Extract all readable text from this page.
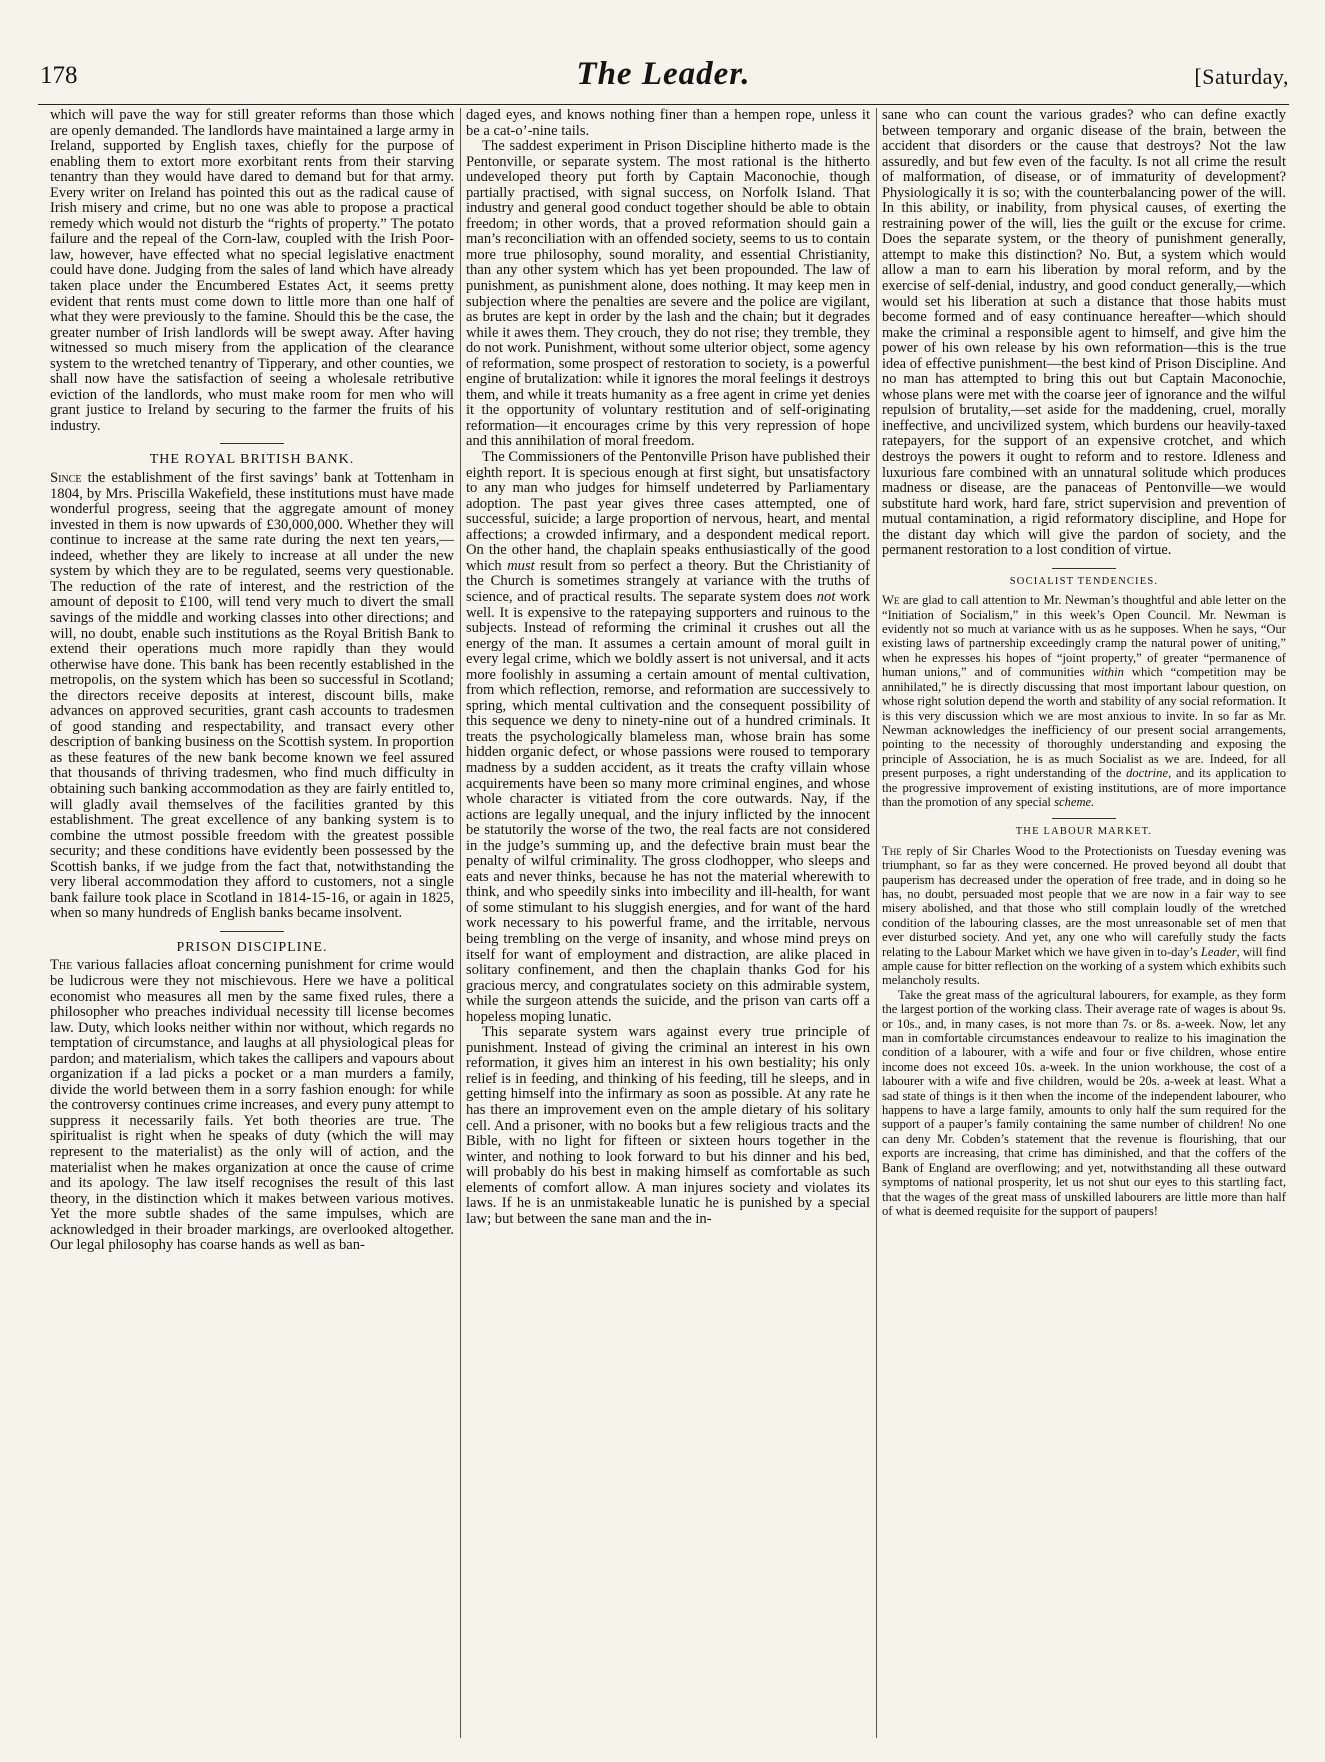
178	The Leader.	[Saturday,

which will pave the way for still greater reforms than those which are openly demanded. The landlords have maintained a large army in Ireland, supported by English taxes, chiefly for the purpose of enabling them to extort more exorbitant rents from their starving tenantry than they would have dared to demand but for that army. Every writer on Ireland has pointed this out as the radical cause of Irish misery and crime, but no one was able to propose a practical remedy which would not disturb the “rights of property.” The potato failure and the repeal of the Corn-law, coupled with the Irish Poor-law, however, have effected what no special legislative enactment could have done. Judging from the sales of land which have already taken place under the Encumbered Estates Act, it seems pretty evident that rents must come down to little more than one half of what they were previously to the famine. Should this be the case, the greater number of Irish landlords will be swept away. After having witnessed so much misery from the application of the clearance system to the wretched tenantry of Tipperary, and other counties, we shall now have the satisfaction of seeing a wholesale retributive eviction of the landlords, who must make room for men who will grant justice to Ireland by securing to the farmer the fruits of his industry.

THE ROYAL BRITISH BANK.

Since the establishment of the first savings’ bank at Tottenham in 1804, by Mrs. Priscilla Wakefield, these institutions must have made wonderful progress, seeing that the aggregate amount of money invested in them is now upwards of £30,000,000. Whether they will continue to increase at the same rate during the next ten years,—indeed, whether they are likely to increase at all under the new system by which they are to be regulated, seems very questionable. The reduction of the rate of interest, and the restriction of the amount of deposit to £100, will tend very much to divert the small savings of the middle and working classes into other directions; and will, no doubt, enable such institutions as the Royal British Bank to extend their operations much more rapidly than they would otherwise have done. This bank has been recently established in the metropolis, on the system which has been so successful in Scotland; the directors receive deposits at interest, discount bills, make advances on approved securities, grant cash accounts to tradesmen of good standing and respectability, and transact every other description of banking business on the Scottish system. In proportion as these features of the new bank become known we feel assured that thousands of thriving tradesmen, who find much difficulty in obtaining such banking accommodation as they are fairly entitled to, will gladly avail themselves of the facilities granted by this establishment. The great excellence of any banking system is to combine the utmost possible freedom with the greatest possible security; and these conditions have evidently been possessed by the Scottish banks, if we judge from the fact that, notwithstanding the very liberal accommodation they afford to customers, not a single bank failure took place in Scotland in 1814-15-16, or again in 1825, when so many hundreds of English banks became insolvent.

PRISON DISCIPLINE.

The various fallacies afloat concerning punishment for crime would be ludicrous were they not mischievous. Here we have a political economist who measures all men by the same fixed rules, there a philosopher who preaches individual necessity till license becomes law. Duty, which looks neither within nor without, which regards no temptation of circumstance, and laughs at all physiological pleas for pardon; and materialism, which takes the callipers and vapours about organization if a lad picks a pocket or a man murders a family, divide the world between them in a sorry fashion enough: for while the controversy continues crime increases, and every puny attempt to suppress it necessarily fails. Yet both theories are true. The spiritualist is right when he speaks of duty (which the will may represent to the materialist) as the only will of action, and the materialist when he makes organization at once the cause of crime and its apology. The law itself recognises the result of this last theory, in the distinction which it makes between various motives. Yet the more subtle shades of the same impulses, which are acknowledged in their broader markings, are overlooked altogether. Our legal philosophy has coarse hands as well as ban-

daged eyes, and knows nothing finer than a hempen rope, unless it be a cat-o’-nine tails.

The saddest experiment in Prison Discipline hitherto made is the Pentonville, or separate system. The most rational is the hitherto undeveloped theory put forth by Captain Maconochie, though partially practised, with signal success, on Norfolk Island. That industry and general good conduct together should be able to obtain freedom; in other words, that a proved reformation should gain a man’s reconciliation with an offended society, seems to us to contain more true philosophy, sound morality, and essential Christianity, than any other system which has yet been propounded. The law of punishment, as punishment alone, does nothing. It may keep men in subjection where the penalties are severe and the police are vigilant, as brutes are kept in order by the lash and the chain; but it degrades while it awes them. They crouch, they do not rise; they tremble, they do not work. Punishment, without some ulterior object, some agency of reformation, some prospect of restoration to society, is a powerful engine of brutalization: while it ignores the moral feelings it destroys them, and while it treats humanity as a free agent in crime yet denies it the opportunity of voluntary restitution and of self-originating reformation—it encourages crime by this very repression of hope and this annihilation of moral freedom.

The Commissioners of the Pentonville Prison have published their eighth report. It is specious enough at first sight, but unsatisfactory to any man who judges for himself undeterred by Parliamentary adoption. The past year gives three cases attempted, one of successful, suicide; a large proportion of nervous, heart, and mental affections; a crowded infirmary, and a despondent medical report. On the other hand, the chaplain speaks enthusiastically of the good which must result from so perfect a theory. But the Christianity of the Church is sometimes strangely at variance with the truths of science, and of practical results. The separate system does not work well. It is expensive to the ratepaying supporters and ruinous to the subjects. Instead of reforming the criminal it crushes out all the energy of the man. It assumes a certain amount of moral guilt in every legal crime, which we boldly assert is not universal, and it acts more foolishly in assuming a certain amount of mental cultivation, from which reflection, remorse, and reformation are successively to spring, which mental cultivation and the consequent possibility of this sequence we deny to ninety-nine out of a hundred criminals. It treats the psychologically blameless man, whose brain has some hidden organic defect, or whose passions were roused to temporary madness by a sudden accident, as it treats the crafty villain whose acquirements have been so many more criminal engines, and whose whole character is vitiated from the core outwards. Nay, if the actions are legally unequal, and the injury inflicted by the innocent be statutorily the worse of the two, the real facts are not considered in the judge’s summing up, and the defective brain must bear the penalty of wilful criminality. The gross clodhopper, who sleeps and eats and never thinks, because he has not the material wherewith to think, and who speedily sinks into imbecility and ill-health, for want of some stimulant to his sluggish energies, and for want of the hard work necessary to his powerful frame, and the irritable, nervous being trembling on the verge of insanity, and whose mind preys on itself for want of employment and distraction, are alike placed in solitary confinement, and then the chaplain thanks God for his gracious mercy, and congratulates society on this admirable system, while the surgeon attends the suicide, and the prison van carts off a hopeless moping lunatic.

This separate system wars against every true principle of punishment. Instead of giving the criminal an interest in his own reformation, it gives him an interest in his own bestiality; his only relief is in feeding, and thinking of his feeding, till he sleeps, and in getting himself into the infirmary as soon as possible. At any rate he has there an improvement even on the ample dietary of his solitary cell. And a prisoner, with no books but a few religious tracts and the Bible, with no light for fifteen or sixteen hours together in the winter, and nothing to look forward to but his dinner and his bed, will probably do his best in making himself as comfortable as such elements of comfort allow. A man injures society and violates its laws. If he is an unmistakeable lunatic he is punished by a special law; but between the sane man and the in-

sane who can count the various grades? who can define exactly between temporary and organic disease of the brain, between the accident that disorders or the cause that destroys? Not the law assuredly, and but few even of the faculty. Is not all crime the result of malformation, of disease, or of immaturity of development? Physiologically it is so; with the counterbalancing power of the will. In this ability, or inability, from physical causes, of exerting the restraining power of the will, lies the guilt or the excuse for crime. Does the separate system, or the theory of punishment generally, attempt to make this distinction? No. But, a system which would allow a man to earn his liberation by moral reform, and by the exercise of self-denial, industry, and good conduct generally,—which would set his liberation at such a distance that those habits must become formed and of easy continuance hereafter—which should make the criminal a responsible agent to himself, and give him the power of his own release by his own reformation—this is the true idea of effective punishment—the best kind of Prison Discipline. And no man has attempted to bring this out but Captain Maconochie, whose plans were met with the coarse jeer of ignorance and the wilful repulsion of brutality,—set aside for the maddening, cruel, morally ineffective, and uncivilized system, which burdens our heavily-taxed ratepayers, for the support of an expensive crotchet, and which destroys the powers it ought to reform and to restore. Idleness and luxurious fare combined with an unnatural solitude which produces madness or disease, are the panaceas of Pentonville—we would substitute hard work, hard fare, strict supervision and prevention of mutual contamination, a rigid reformatory discipline, and Hope for the distant day which will give the pardon of society, and the permanent restoration to a lost condition of virtue.

SOCIALIST TENDENCIES.

We are glad to call attention to Mr. Newman’s thoughtful and able letter on the “Initiation of Socialism,” in this week’s Open Council. Mr. Newman is evidently not so much at variance with us as he supposes. When he says, “Our existing laws of partnership exceedingly cramp the natural power of uniting,” when he expresses his hopes of “joint property,” of greater “permanence of human unions,” and of communities within which “competition may be annihilated,” he is directly discussing that most important labour question, on whose right solution depend the worth and stability of any social reformation. It is this very discussion which we are most anxious to invite. In so far as Mr. Newman acknowledges the inefficiency of our present social arrangements, pointing to the necessity of thoroughly understanding and exposing the principle of Association, he is as much Socialist as we are. Indeed, for all present purposes, a right understanding of the doctrine, and its application to the progressive improvement of existing institutions, are of more importance than the promotion of any special scheme.

THE LABOUR MARKET.

The reply of Sir Charles Wood to the Protectionists on Tuesday evening was triumphant, so far as they were concerned. He proved beyond all doubt that pauperism has decreased under the operation of free trade, and in doing so he has, no doubt, persuaded most people that we are now in a fair way to see misery abolished, and that those who still complain loudly of the wretched condition of the labouring classes, are the most unreasonable set of men that ever disturbed society. And yet, any one who will carefully study the facts relating to the Labour Market which we have given in to-day’s Leader, will find ample cause for bitter reflection on the working of a system which exhibits such melancholy results.

Take the great mass of the agricultural labourers, for example, as they form the largest portion of the working class. Their average rate of wages is about 9s. or 10s., and, in many cases, is not more than 7s. or 8s. a-week. Now, let any man in comfortable circumstances endeavour to realize to his imagination the condition of a labourer, with a wife and four or five children, whose entire income does not exceed 10s. a-week. In the union workhouse, the cost of a labourer with a wife and five children, would be 20s. a-week at least. What a sad state of things is it then when the income of the independent labourer, who happens to have a large family, amounts to only half the sum required for the support of a pauper’s family containing the same number of children! No one can deny Mr. Cobden’s statement that the revenue is flourishing, that our exports are increasing, that crime has diminished, and that the coffers of the Bank of England are overflowing; and yet, notwithstanding all these outward symptoms of national prosperity, let us not shut our eyes to this startling fact, that the wages of the great mass of unskilled labourers are little more than half of what is deemed requisite for the support of paupers!
